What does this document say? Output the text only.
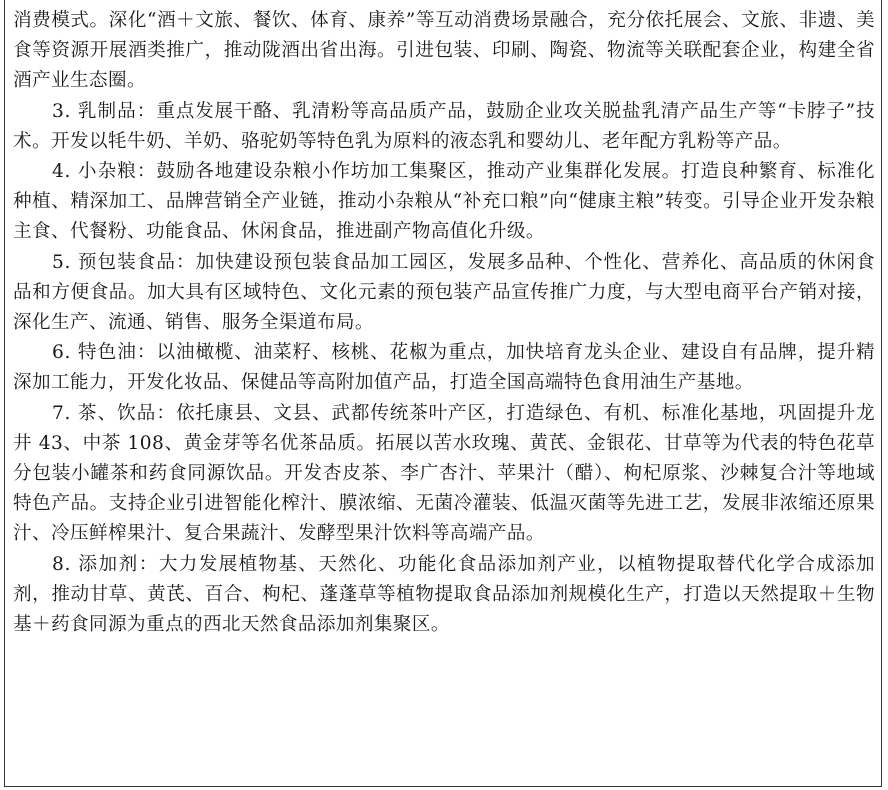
消费模式。深化“酒＋文旅、餐饮、体育、康养”等互动消费场景融合，充分依托展会、文旅、非遗、美食等资源开展酒类推广，推动陇酒出省出海。引进包装、印刷、陶瓷、物流等关联配套企业，构建全省酒产业生态圈。

3. 乳制品：重点发展干酪、乳清粉等高品质产品，鼓励企业攻关脱盐乳清产品生产等“卡脖子”技术。开发以牦牛奶、羊奶、骆驼奶等特色乳为原料的液态乳和婴幼儿、老年配方乳粉等产品。

4. 小杂粮：鼓励各地建设杂粮小作坊加工集聚区，推动产业集群化发展。打造良种繁育、标准化种植、精深加工、品牌营销全产业链，推动小杂粮从“补充口粮”向“健康主粮”转变。引导企业开发杂粮主食、代餐粉、功能食品、休闲食品，推进副产物高值化升级。

5. 预包装食品：加快建设预包装食品加工园区，发展多品种、个性化、营养化、高品质的休闲食品和方便食品。加大具有区域特色、文化元素的预包装产品宣传推广力度，与大型电商平台产销对接，深化生产、流通、销售、服务全渠道布局。

6. 特色油：以油橄榄、油菜籽、核桃、花椒为重点，加快培育龙头企业、建设自有品牌，提升精深加工能力，开发化妆品、保健品等高附加值产品，打造全国高端特色食用油生产基地。

7. 茶、饮品：依托康县、文县、武都传统茶叶产区，打造绿色、有机、标准化基地，巩固提升龙井 43、中茶 108、黄金芽等名优茶品质。拓展以苦水玫瑰、黄芪、金银花、甘草等为代表的特色花草分包装小罐茶和药食同源饮品。开发杏皮茶、李广杏汁、苹果汁（醋）、枸杞原浆、沙棘复合汁等地域特色产品。支持企业引进智能化榨汁、膜浓缩、无菌冷灌装、低温灭菌等先进工艺，发展非浓缩还原果汁、冷压鲜榨果汁、复合果蔬汁、发酵型果汁饮料等高端产品。

8. 添加剂：大力发展植物基、天然化、功能化食品添加剂产业，以植物提取替代化学合成添加剂，推动甘草、黄芪、百合、枸杞、蓬蓬草等植物提取食品添加剂规模化生产，打造以天然提取＋生物基＋药食同源为重点的西北天然食品添加剂集聚区。
